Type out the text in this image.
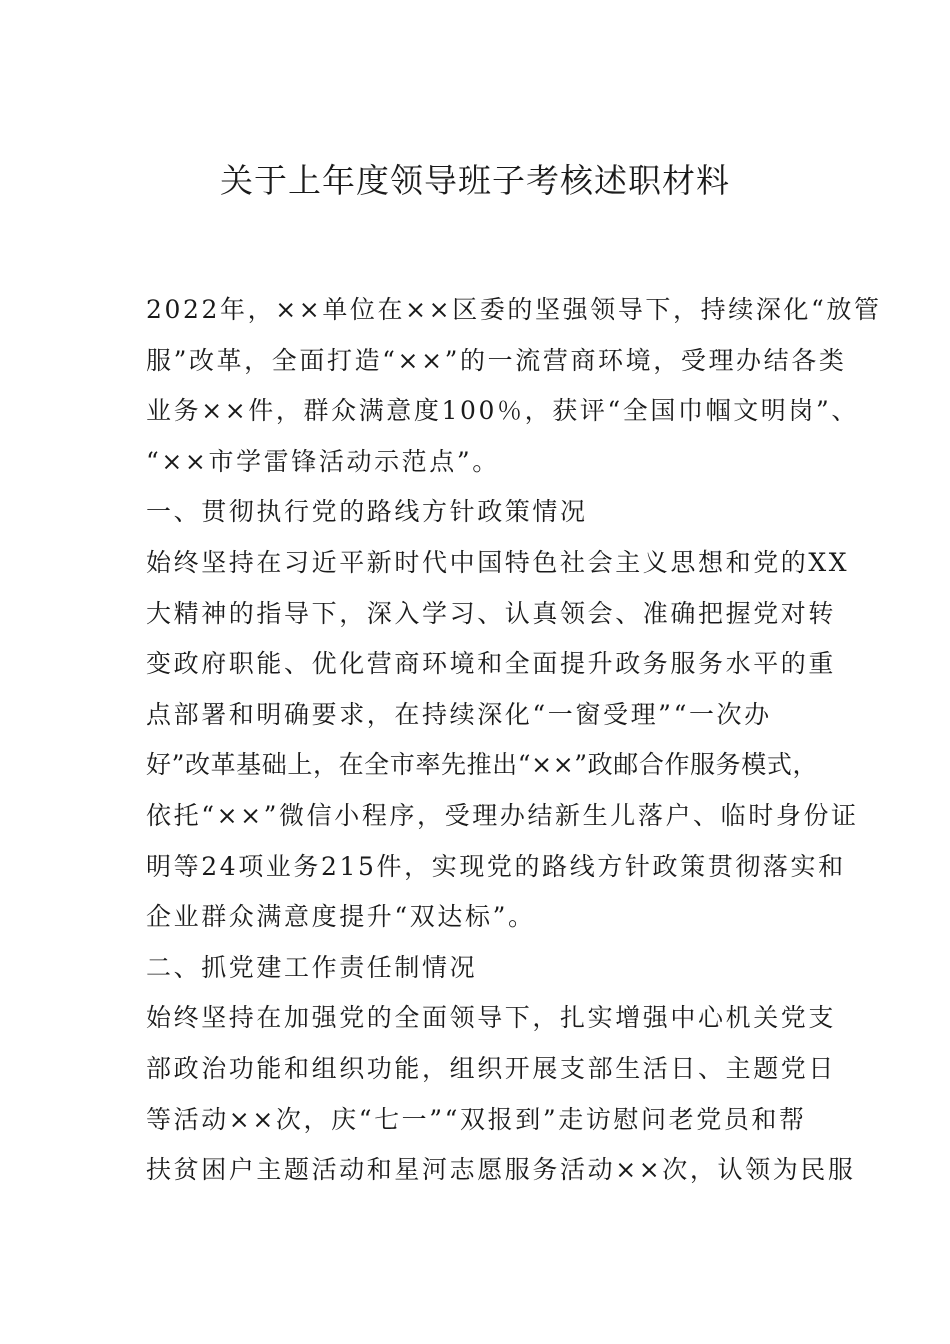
关于上年度领导班子考核述职材料
2022年，××单位在××区委的坚强领导下，持续深化“放管
服”改革，全面打造“××”的一流营商环境，受理办结各类
业务××件，群众满意度100％，获评“全国巾帼文明岗”、
“××市学雷锋活动示范点”。
一、贯彻执行党的路线方针政策情况
始终坚持在习近平新时代中国特色社会主义思想和党的XX
大精神的指导下，深入学习、认真领会、准确把握党对转
变政府职能、优化营商环境和全面提升政务服务水平的重
点部署和明确要求，在持续深化“一窗受理”“一次办
好”改革基础上，在全市率先推出“××”政邮合作服务模式，
依托“××”微信小程序，受理办结新生儿落户、临时身份证
明等24项业务215件，实现党的路线方针政策贯彻落实和
企业群众满意度提升“双达标”。
二、抓党建工作责任制情况
始终坚持在加强党的全面领导下，扎实增强中心机关党支
部政治功能和组织功能，组织开展支部生活日、主题党日
等活动××次，庆“七一”“双报到”走访慰问老党员和帮
扶贫困户主题活动和星河志愿服务活动××次，认领为民服
